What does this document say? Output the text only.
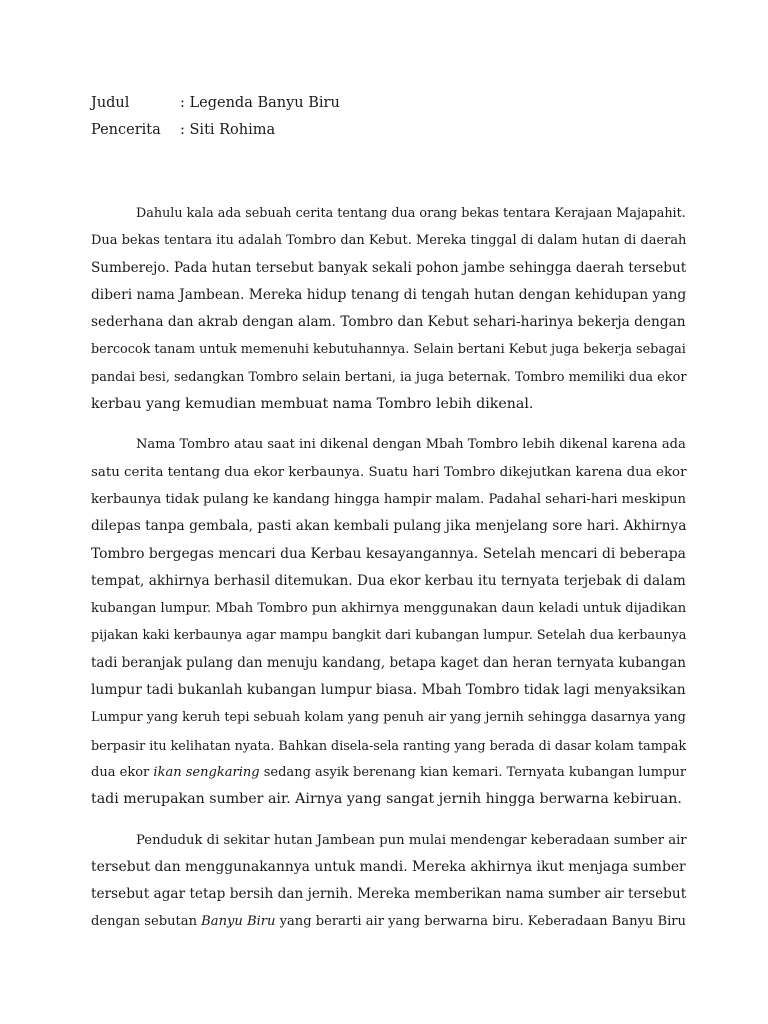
Judul	: Legenda Banyu Biru
Pencerita : Siti Rohima
Dahulu kala ada sebuah cerita tentang dua orang bekas tentara Kerajaan Majapahit.
Dua bekas tentara itu adalah Tombro dan Kebut. Mereka tinggal di dalam hutan di daerah
Sumberejo. Pada hutan tersebut banyak sekali pohon jambe sehingga daerah tersebut
diberi nama Jambean. Mereka hidup tenang di tengah hutan dengan kehidupan yang
sederhana dan akrab dengan alam. Tombro dan Kebut sehari-harinya bekerja dengan
bercocok tanam untuk memenuhi kebutuhannya. Selain bertani Kebut juga bekerja sebagai
pandai besi, sedangkan Tombro selain bertani, ia juga beternak. Tombro memiliki dua ekor
kerbau yang kemudian membuat nama Tombro lebih dikenal.
Nama Tombro atau saat ini dikenal dengan Mbah Tombro lebih dikenal karena ada
satu cerita tentang dua ekor kerbaunya. Suatu hari Tombro dikejutkan karena dua ekor
kerbaunya tidak pulang ke kandang hingga hampir malam. Padahal sehari-hari meskipun
dilepas tanpa gembala, pasti akan kembali pulang jika menjelang sore hari. Akhirnya
Tombro bergegas mencari dua Kerbau kesayangannya. Setelah mencari di beberapa
tempat, akhirnya berhasil ditemukan. Dua ekor kerbau itu ternyata terjebak di dalam
kubangan lumpur. Mbah Tombro pun akhirnya menggunakan daun keladi untuk dijadikan
pijakan kaki kerbaunya agar mampu bangkit dari kubangan lumpur. Setelah dua kerbaunya
tadi beranjak pulang dan menuju kandang, betapa kaget dan heran ternyata kubangan
lumpur tadi bukanlah kubangan lumpur biasa. Mbah Tombro tidak lagi menyaksikan
Lumpur yang keruh tepi sebuah kolam yang penuh air yang jernih sehingga dasarnya yang
berpasir itu kelihatan nyata. Bahkan disela-sela ranting yang berada di dasar kolam tampak
dua ekor ikan sengkaring sedang asyik berenang kian kemari. Ternyata kubangan lumpur
tadi merupakan sumber air. Airnya yang sangat jernih hingga berwarna kebiruan.
Penduduk di sekitar hutan Jambean pun mulai mendengar keberadaan sumber air
tersebut dan menggunakannya untuk mandi. Mereka akhirnya ikut menjaga sumber
tersebut agar tetap bersih dan jernih. Mereka memberikan nama sumber air tersebut
dengan sebutan Banyu Biru yang berarti air yang berwarna biru. Keberadaan Banyu Biru
